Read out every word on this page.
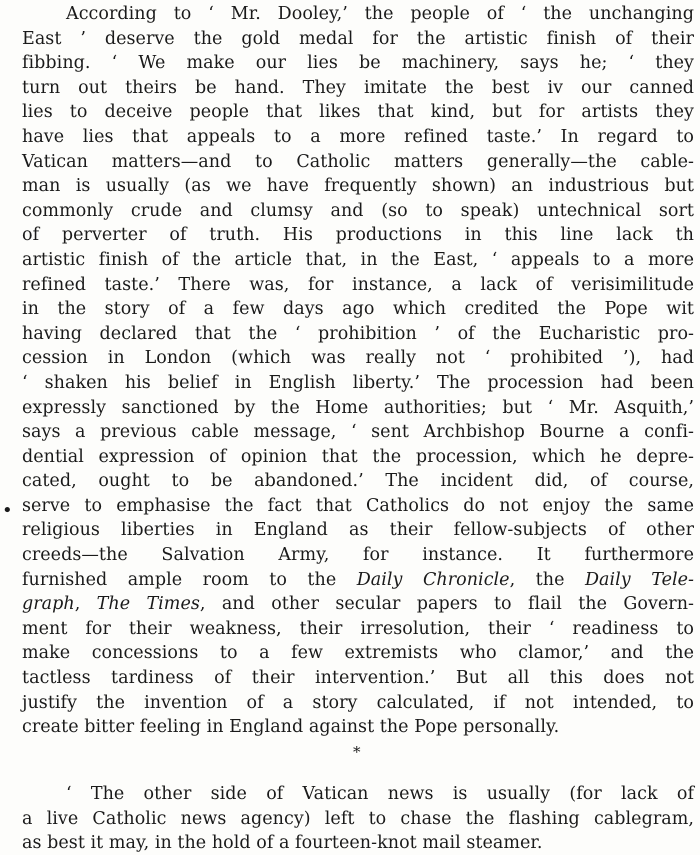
According to ‘ Mr. Dooley,’ the people of ‘ the unchanging
East ’ deserve the gold medal for the artistic finish of their
fibbing. ‘ We make our lies be machinery, says he; ‘ they
turn out theirs be hand. They imitate the best iv our canned
lies to deceive people that likes that kind, but for artists they
have lies that appeals to a more refined taste.’ In regard to
Vatican matters—and to Catholic matters generally—the cable-
man is usually (as we have frequently shown) an industrious but
commonly crude and clumsy and (so to speak) untechnical sort
of perverter of truth. His productions in this line lack th
artistic finish of the article that, in the East, ‘ appeals to a more
refined taste.’ There was, for instance, a lack of verisimilitude
in the story of a few days ago which credited the Pope wit
having declared that the ‘ prohibition ’ of the Eucharistic pro-
cession in London (which was really not ‘ prohibited ’), had
‘ shaken his belief in English liberty.’ The procession had been
expressly sanctioned by the Home authorities; but ‘ Mr. Asquith,’
says a previous cable message, ‘ sent Archbishop Bourne a confi-
dential expression of opinion that the procession, which he depre-
cated, ought to be abandoned.’ The incident did, of course,
serve to emphasise the fact that Catholics do not enjoy the same
religious liberties in England as their fellow-subjects of other
creeds—the Salvation Army, for instance. It furthermore
furnished ample room to the Daily Chronicle, the Daily Tele-
graph, The Times, and other secular papers to flail the Govern-
ment for their weakness, their irresolution, their ‘ readiness to
make concessions to a few extremists who clamor,’ and the
tactless tardiness of their intervention.’ But all this does not
justify the invention of a story calculated, if not intended, to
create bitter feeling in England against the Pope personally.
*
‘ The other side of Vatican news is usually (for lack of
a live Catholic news agency) left to chase the flashing cablegram,
as best it may, in the hold of a fourteen-knot mail steamer.
•
